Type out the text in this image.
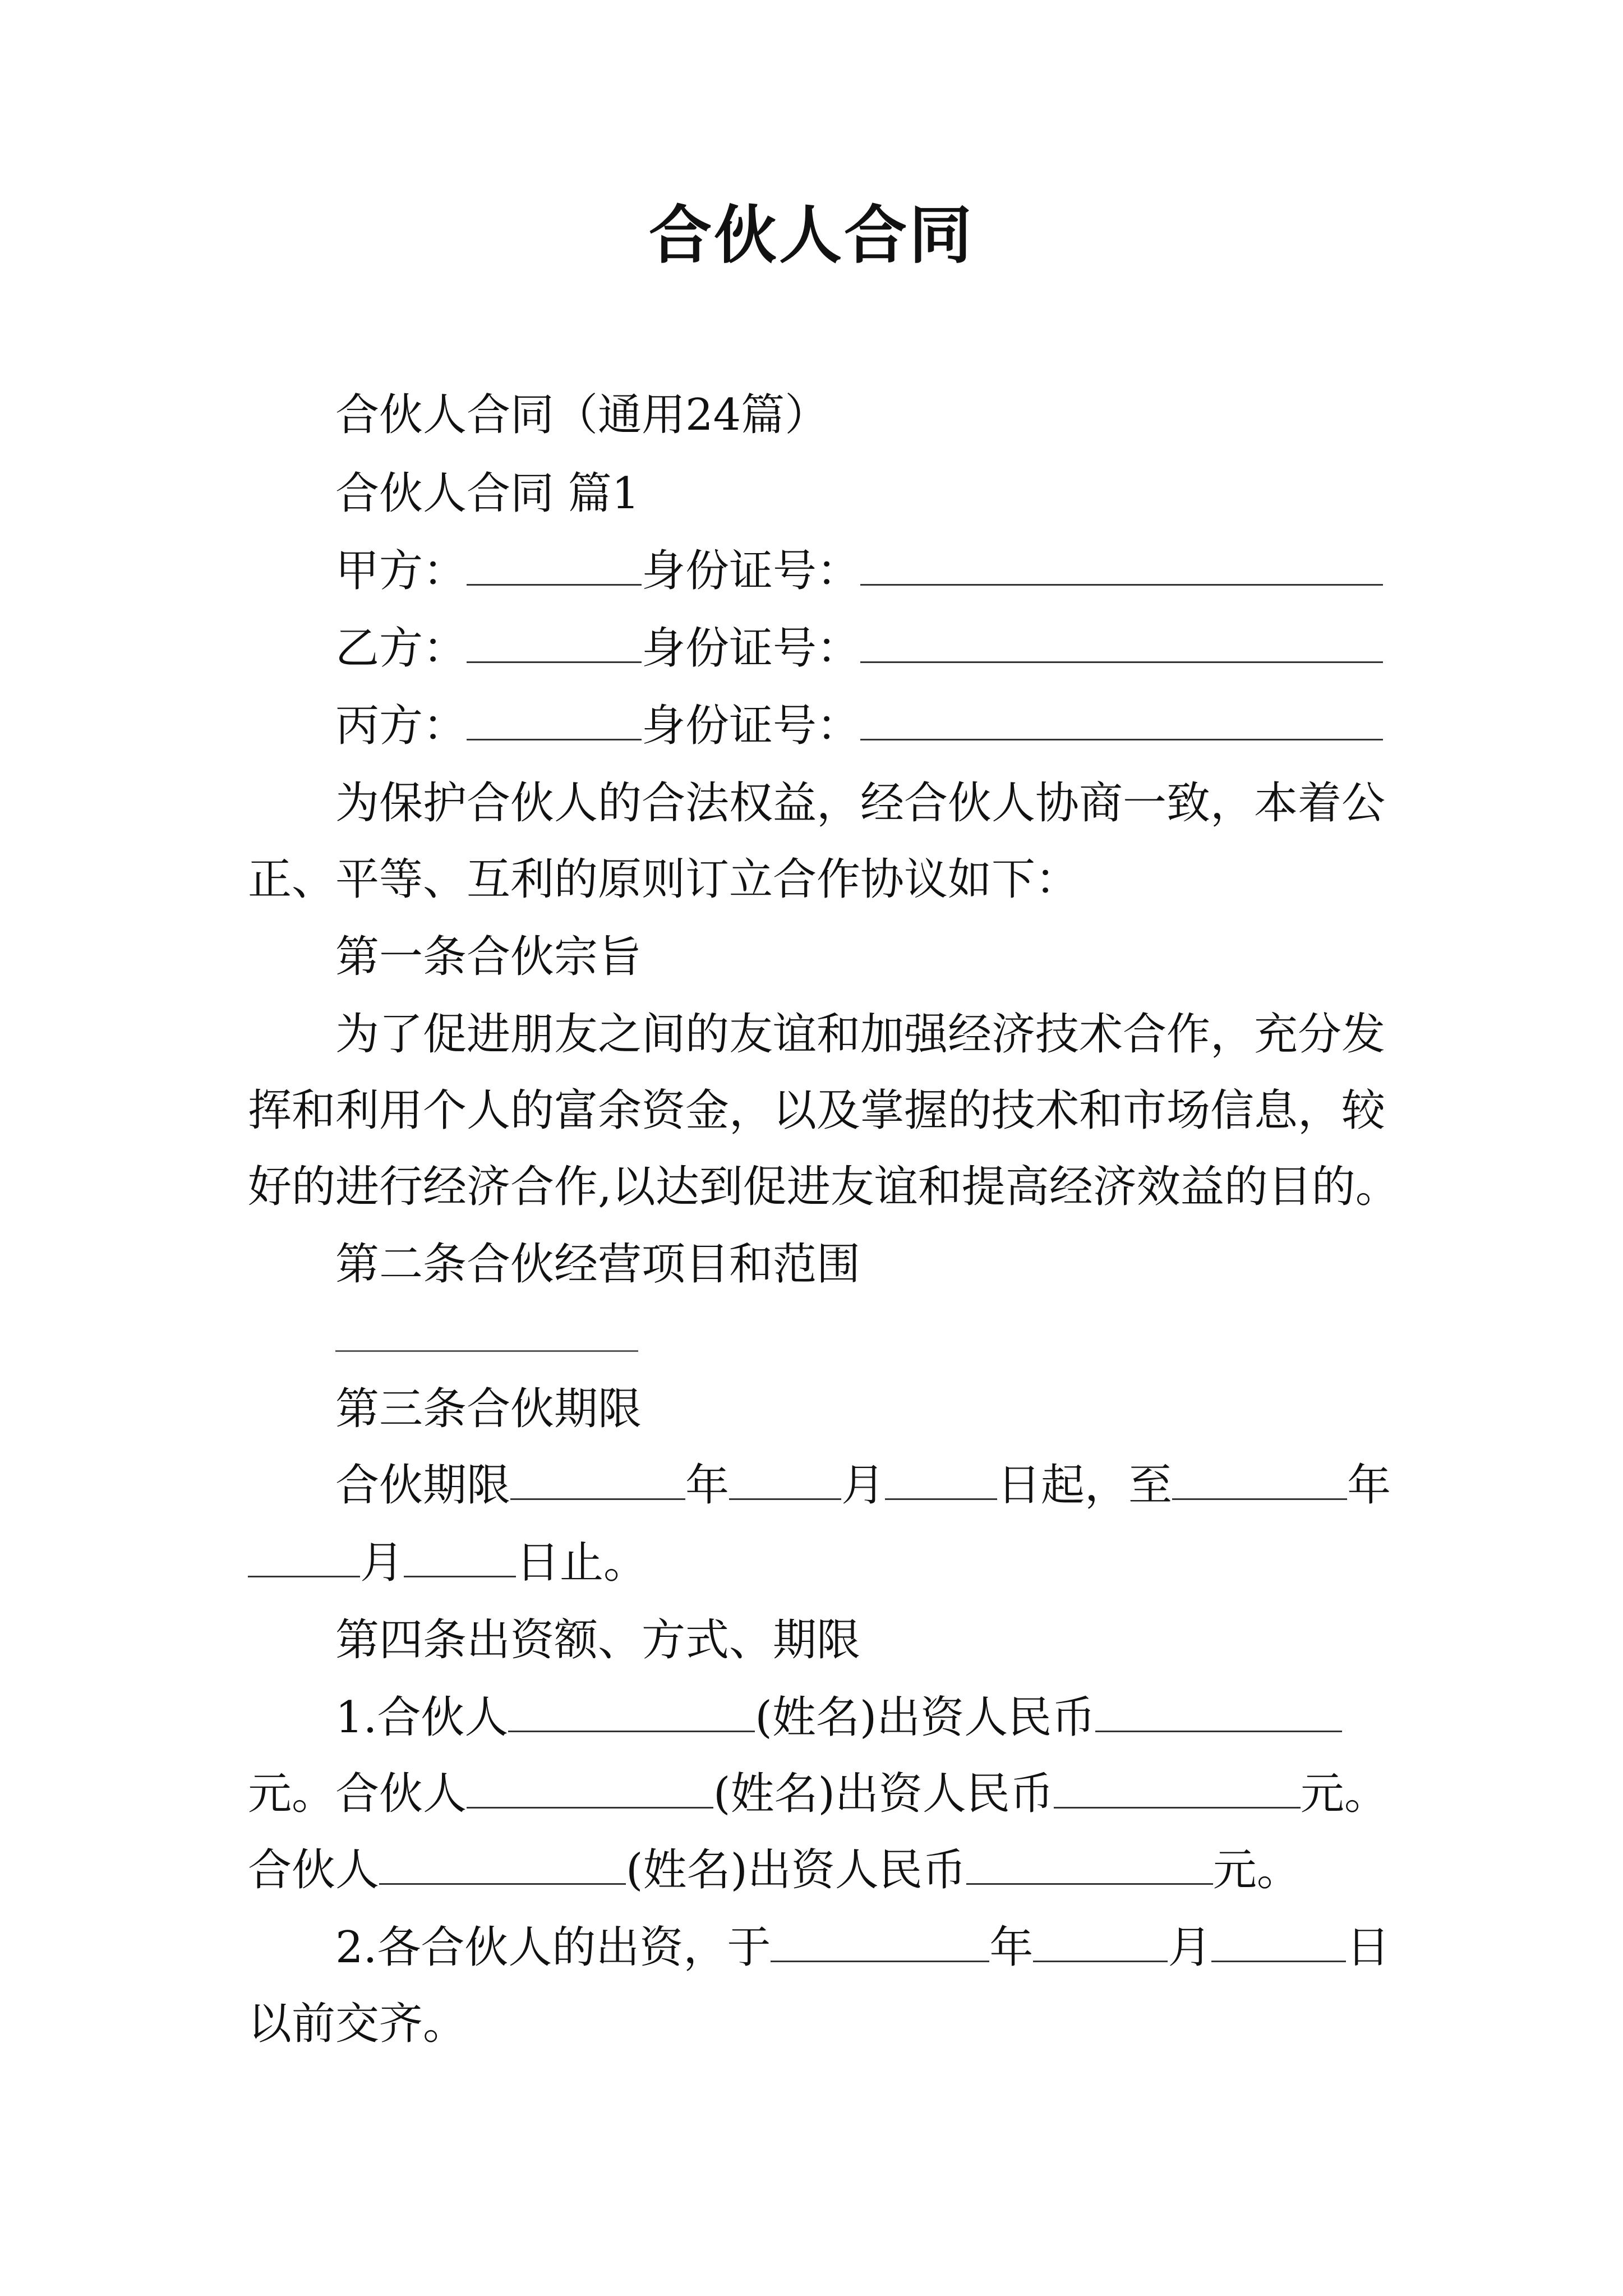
合伙人合同
合伙人合同（通用24篇）
合伙人合同 篇1
甲方：	身份证号：
乙方：	身份证号：
丙方：	身份证号：
为保护合伙人的合法权益，经合伙人协商一致，本着公
正、平等、互利的原则订立合作协议如下：
第一条合伙宗旨
为了促进朋友之间的友谊和加强经济技术合作，充分发
挥和利用个人的富余资金，以及掌握的技术和市场信息，较
好的进行经济合作,以达到促进友谊和提高经济效益的目的。
第二条合伙经营项目和范围
第三条合伙期限
合伙期限	年	月	日起，至	年
月	日止。
第四条出资额、方式、期限
1.合伙人	(姓名)出资人民币
元。合伙人	(姓名)出资人民币	元。
合伙人	(姓名)出资人民币	元。
2.各合伙人的出资，于	年	月	日
以前交齐。
